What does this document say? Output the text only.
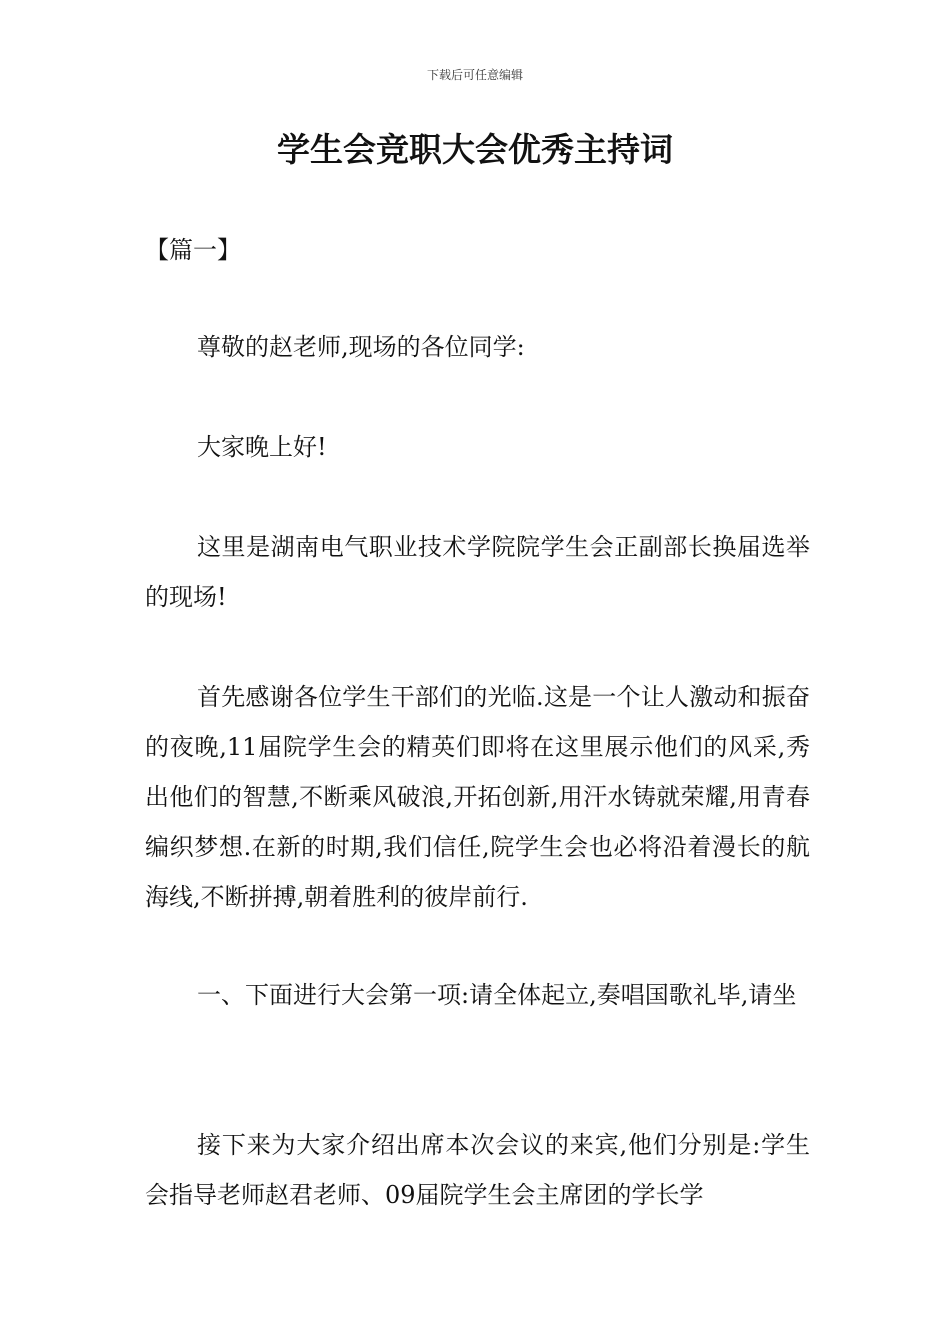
下载后可任意编辑
学生会竞职大会优秀主持词
【篇一】

尊敬的赵老师,现场的各位同学:

大家晚上好!

这里是湖南电气职业技术学院院学生会正副部长换届选举的现场!

首先感谢各位学生干部们的光临.这是一个让人激动和振奋的夜晚,11届院学生会的精英们即将在这里展示他们的风采,秀出他们的智慧,不断乘风破浪,开拓创新,用汗水铸就荣耀,用青春编织梦想.在新的时期,我们信任,院学生会也必将沿着漫长的航海线,不断拼搏,朝着胜利的彼岸前行.

一、下面进行大会第一项:请全体起立,奏唱国歌礼毕,请坐

接下来为大家介绍出席本次会议的来宾,他们分别是:学生会指导老师赵君老师、09届院学生会主席团的学长学
